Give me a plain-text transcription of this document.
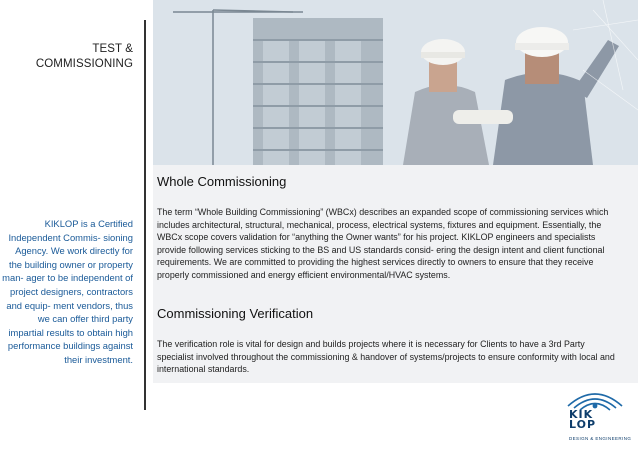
TEST &
COMMISSIONING
KIKLOP is a Certified Independent Commis- sioning Agency. We work directly for the building owner or property man- ager to be independent of project designers, contractors and equip- ment vendors, thus we can offer third party impartial results to obtain high performance buildings against their investment.
Whole Commissioning

The term “Whole Building Commissioning” (WBCx) describes an expanded scope of commissioning services which includes architectural, structural, mechanical, process, electrical systems, fixtures and equipment. Essentially, the WBCx scope covers validation for “anything the Owner wants” for his project. KIKLOP engineers and specialists provide following services sticking to the BS and US standards consid- ering the design intent and client functional requirements. We are committed to providing the highest services directly to owners to ensure that they receive properly commissioned and energy efficient environmental/HVAC systems.

Commissioning Verification

The verification role is vital for design and builds projects where it is necessary for Clients to have a 3rd Party specialist involved throughout the commissioning & handover of systems/projects to ensure conformity with local and international standards.

KIK
LOP
DESIGN & ENGINEERING
